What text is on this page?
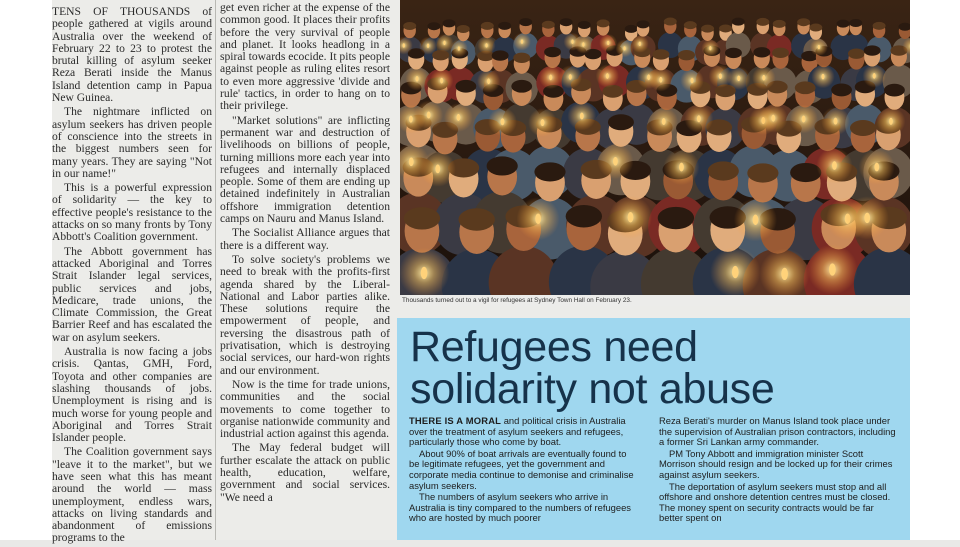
TENS OF THOUSANDS of people gathered at vigils around Australia over the weekend of February 22 to 23 to protest the brutal killing of asylum seeker Reza Berati inside the Manus Island detention camp in Papua New Guinea.

The nightmare inflicted on asylum seekers has driven people of conscience into the streets in the biggest numbers seen for many years. They are saying "Not in our name!"

This is a powerful expression of solidarity — the key to effective people's resistance to the attacks on so many fronts by Tony Abbott's Coalition government.

The Abbott government has attacked Aboriginal and Torres Strait Islander legal services, public services and jobs, Medicare, trade unions, the Climate Commission, the Great Barrier Reef and has escalated the war on asylum seekers.

Australia is now facing a jobs crisis. Qantas, GMH, Ford, Toyota and other companies are slashing thousands of jobs. Unemployment is rising and is much worse for young people and Aboriginal and Torres Strait Islander people.

The Coalition government says "leave it to the market", but we have seen what this has meant around the world — mass unemployment, endless wars, attacks on living standards and abandonment of emissions programs to the

get even richer at the expense of the common good. It places their profits before the very survival of people and planet. It looks headlong in a spiral towards ecocide. It pits people against people as ruling elites resort to even more aggressive 'divide and rule' tactics, in order to hang on to their privilege.

"Market solutions" are inflicting permanent war and destruction of livelihoods on billions of people, turning millions more each year into refugees and internally displaced people. Some of them are ending up detained indefinitely in Australian offshore immigration detention camps on Nauru and Manus Island.

The Socialist Alliance argues that there is a different way.

To solve society's problems we need to break with the profits-first agenda shared by the Liberal-National and Labor parties alike. These solutions require the empowerment of people, and reversing the disastrous path of privatisation, which is destroying social services, our hard-won rights and our environment.

Now is the time for trade unions, communities and the social movements to come together to organise nationwide community and industrial action against this agenda.

The May federal budget will further escalate the attack on public health, education, welfare, government and social services. "We need a

Thousands turned out to a vigil for refugees at Sydney Town Hall on February 23.
Refugees need
solidarity not abuse

THERE IS A MORAL and political crisis in Australia over the treatment of asylum seekers and refugees, particularly those who come by boat.

About 90% of boat arrivals are eventually found to be legitimate refugees, yet the government and corporate media continue to demonise and criminalise asylum seekers.

The numbers of asylum seekers who arrive in Australia is tiny compared to the numbers of refugees who are hosted by much poorer

Reza Berati's murder on Manus Island took place under the supervision of Australian prison contractors, including a former Sri Lankan army commander.

PM Tony Abbott and immigration minister Scott Morrison should resign and be locked up for their crimes against asylum seekers.

The deportation of asylum seekers must stop and all offshore and onshore detention centres must be closed. The money spent on security contracts would be far better spent on
